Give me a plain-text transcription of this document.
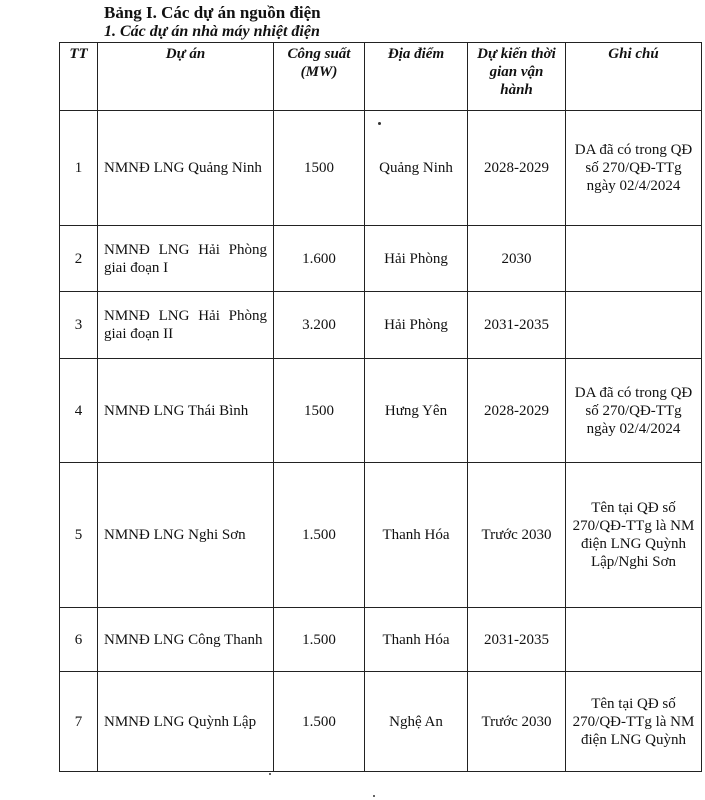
Bảng I. Các dự án nguồn điện
1. Các dự án nhà máy nhiệt điện
TT	Dự án	Công suất (MW)	Địa điểm	Dự kiến thời gian vận hành	Ghi chú
1	NMNĐ LNG Quảng Ninh	1500	Quảng Ninh	2028-2029	DA đã có trong QĐ số 270/QĐ-TTg ngày 02/4/2024
2	NMNĐ LNG Hải Phòng giai đoạn I	1.600	Hải Phòng	2030	
3	NMNĐ LNG Hải Phòng giai đoạn II	3.200	Hải Phòng	2031-2035	
4	NMNĐ LNG Thái Bình	1500	Hưng Yên	2028-2029	DA đã có trong QĐ số 270/QĐ-TTg ngày 02/4/2024
5	NMNĐ LNG Nghi Sơn	1.500	Thanh Hóa	Trước 2030	Tên tại QĐ số 270/QĐ-TTg là NM điện LNG Quỳnh Lập/Nghi Sơn
6	NMNĐ LNG Công Thanh	1.500	Thanh Hóa	2031-2035	
7	NMNĐ LNG Quỳnh Lập	1.500	Nghệ An	Trước 2030	Tên tại QĐ số 270/QĐ-TTg là NM điện LNG Quỳnh
